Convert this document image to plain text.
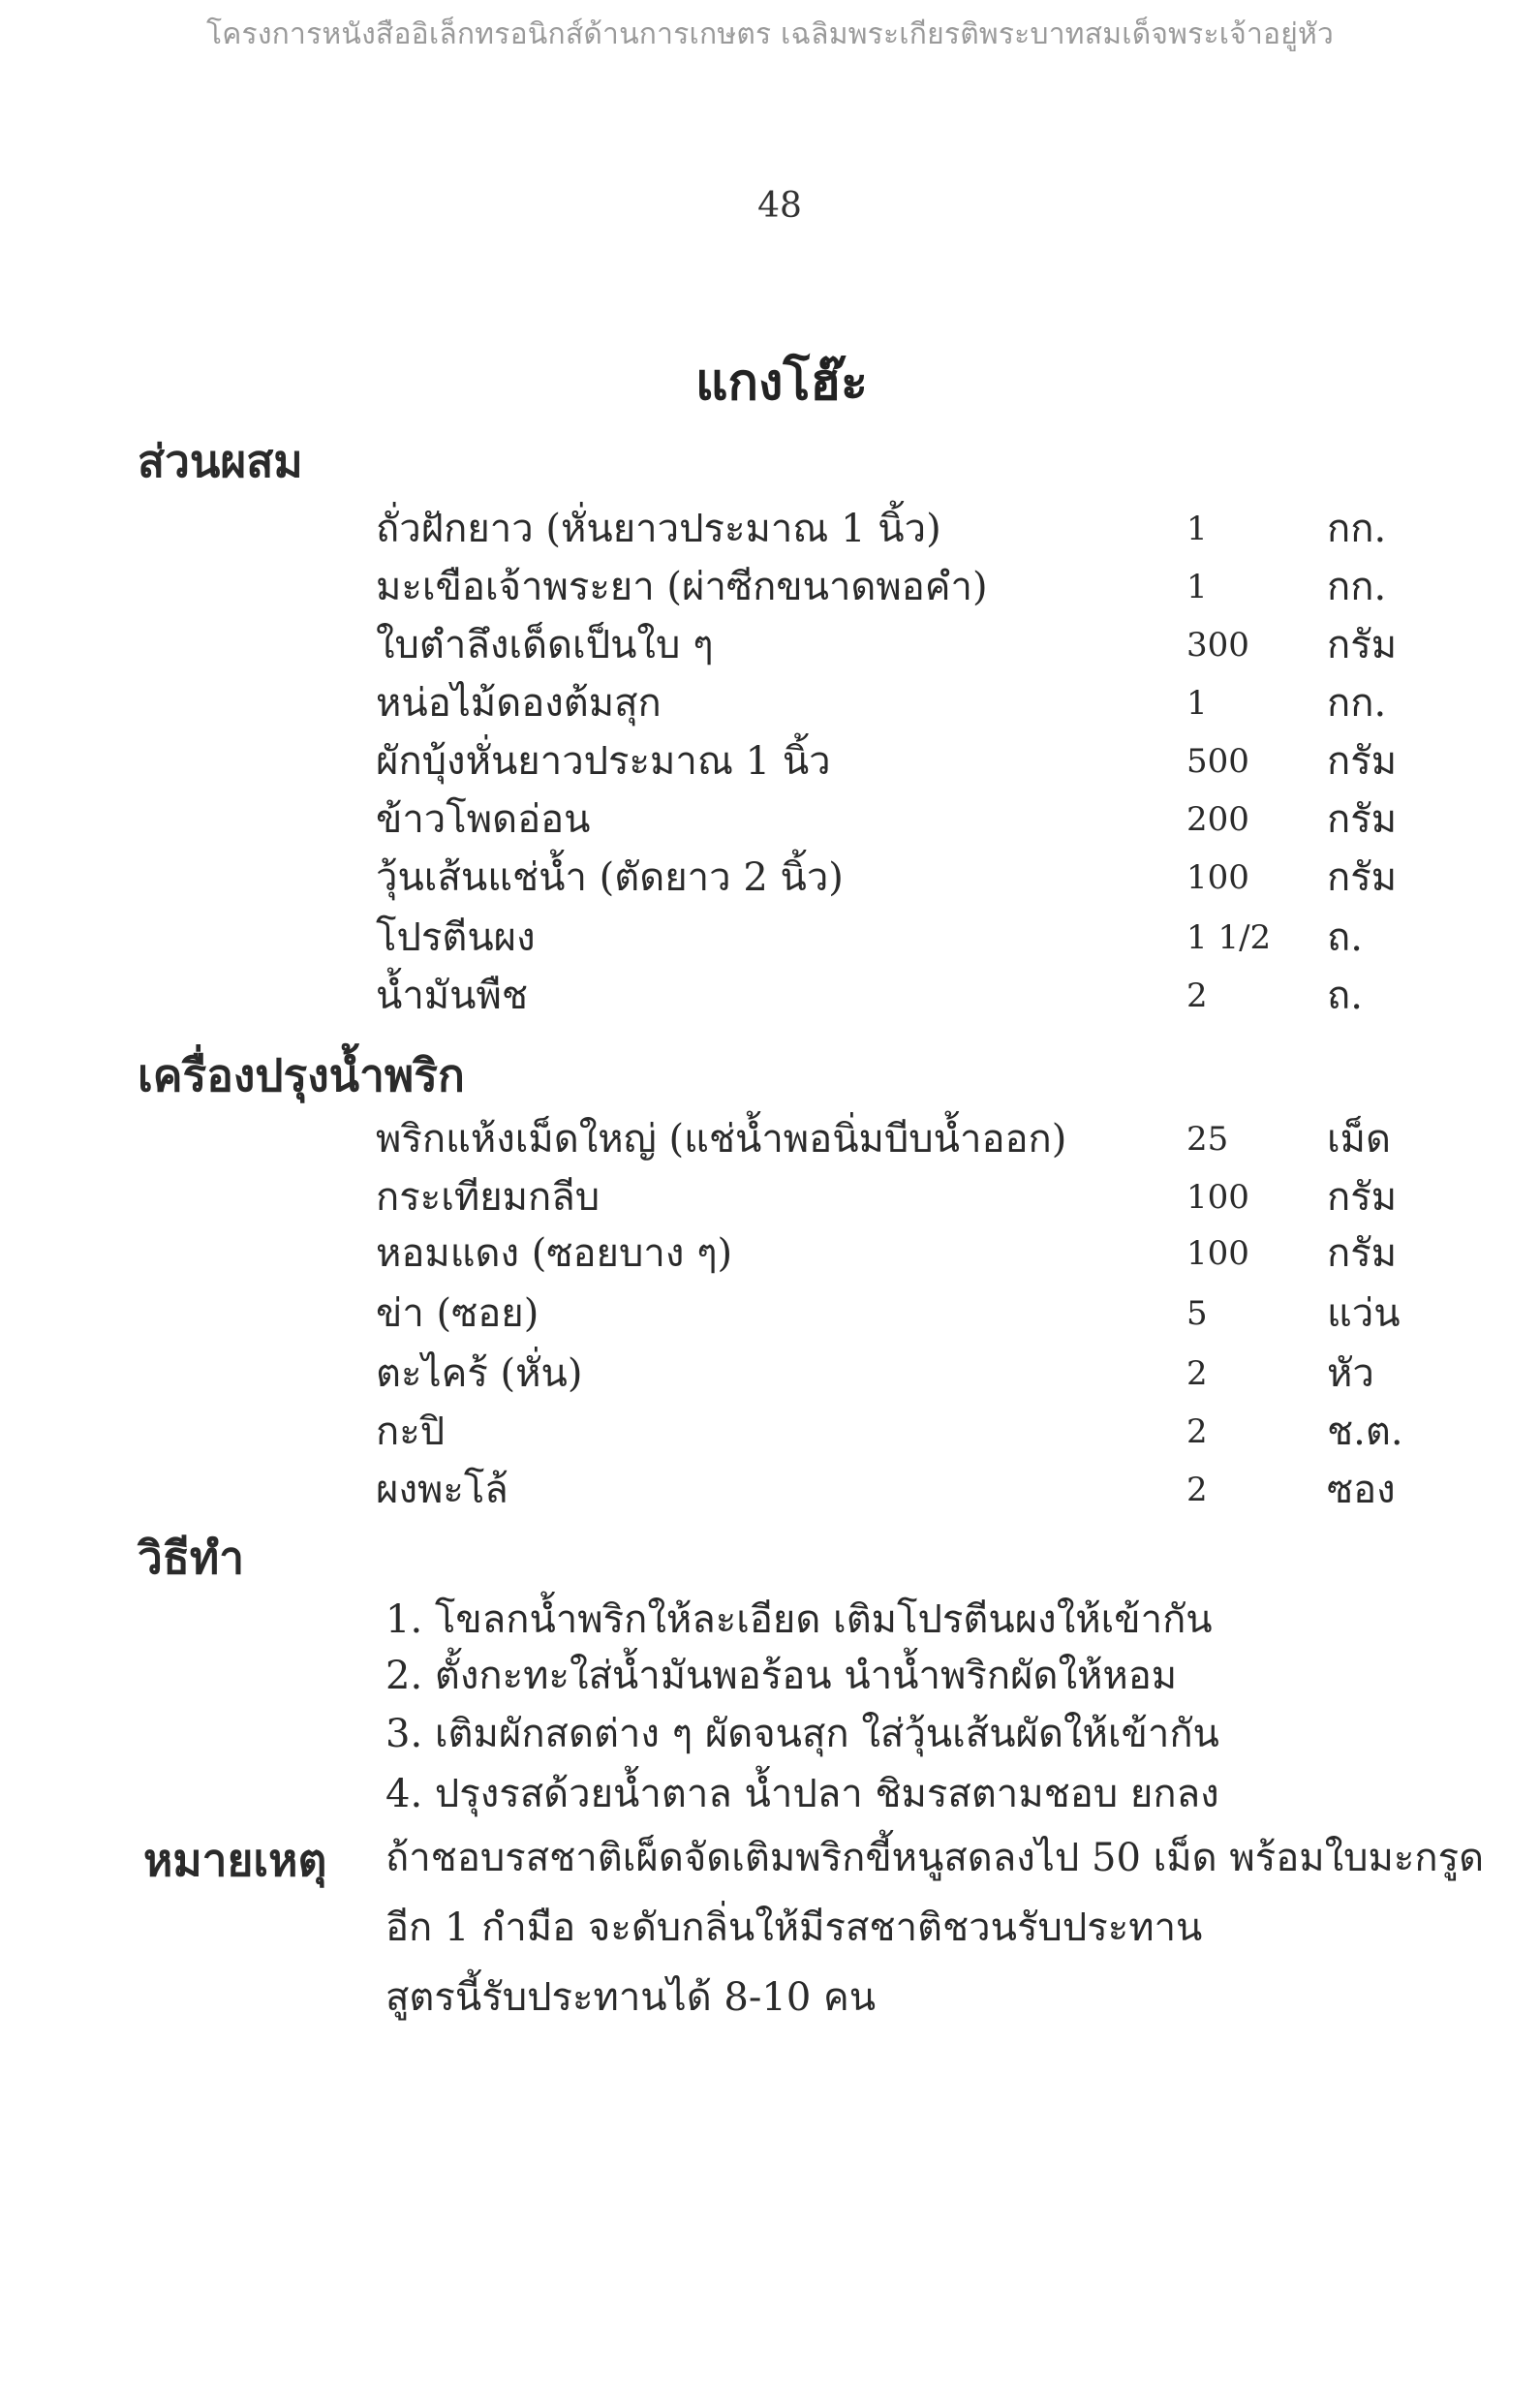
โครงการหนังสืออิเล็กทรอนิกส์ด้านการเกษตร เฉลิมพระเกียรติพระบาทสมเด็จพระเจ้าอยู่หัว
48
แกงโฮ๊ะ
ส่วนผสม
ถั่วฝักยาว (หั่นยาวประมาณ 1 นิ้ว)	1	กก.
มะเขือเจ้าพระยา (ผ่าซีกขนาดพอคำ)	1	กก.
ใบตำลึงเด็ดเป็นใบ ๆ	300 กรัม
หน่อไม้ดองต้มสุก	1	กก.
ผักบุ้งหั่นยาวประมาณ 1 นิ้ว	500 กรัม
ข้าวโพดอ่อน	200 กรัม
วุ้นเส้นแช่น้ำ (ตัดยาว 2 นิ้ว)	100 กรัม
โปรตีนผง	1 1/2 ถ.
น้ำมันพืช	2	ถ.
เครื่องปรุงน้ำพริก
พริกแห้งเม็ดใหญ่ (แช่น้ำพอนิ่มบีบน้ำออก)	25	เม็ด
กระเทียมกลีบ	100 กรัม
หอมแดง (ซอยบาง ๆ)	100 กรัม
ข่า (ซอย)	5	แว่น
ตะไคร้ (หั่น)	2	หัว
กะปิ	2	ช.ต.
ผงพะโล้	2	ซอง
วิธีทำ
1. โขลกน้ำพริกให้ละเอียด เติมโปรตีนผงให้เข้ากัน
2. ตั้งกะทะใส่น้ำมันพอร้อน นำน้ำพริกผัดให้หอม
3. เติมผักสดต่าง ๆ ผัดจนสุก ใส่วุ้นเส้นผัดให้เข้ากัน
4. ปรุงรสด้วยน้ำตาล น้ำปลา ชิมรสตามชอบ ยกลง
หมายเหตุ ถ้าชอบรสชาติเผ็ดจัดเติมพริกขี้หนูสดลงไป 50 เม็ด พร้อมใบมะกรูด
อีก 1 กำมือ จะดับกลิ่นให้มีรสชาติชวนรับประทาน
สูตรนี้รับประทานได้ 8-10 คน
